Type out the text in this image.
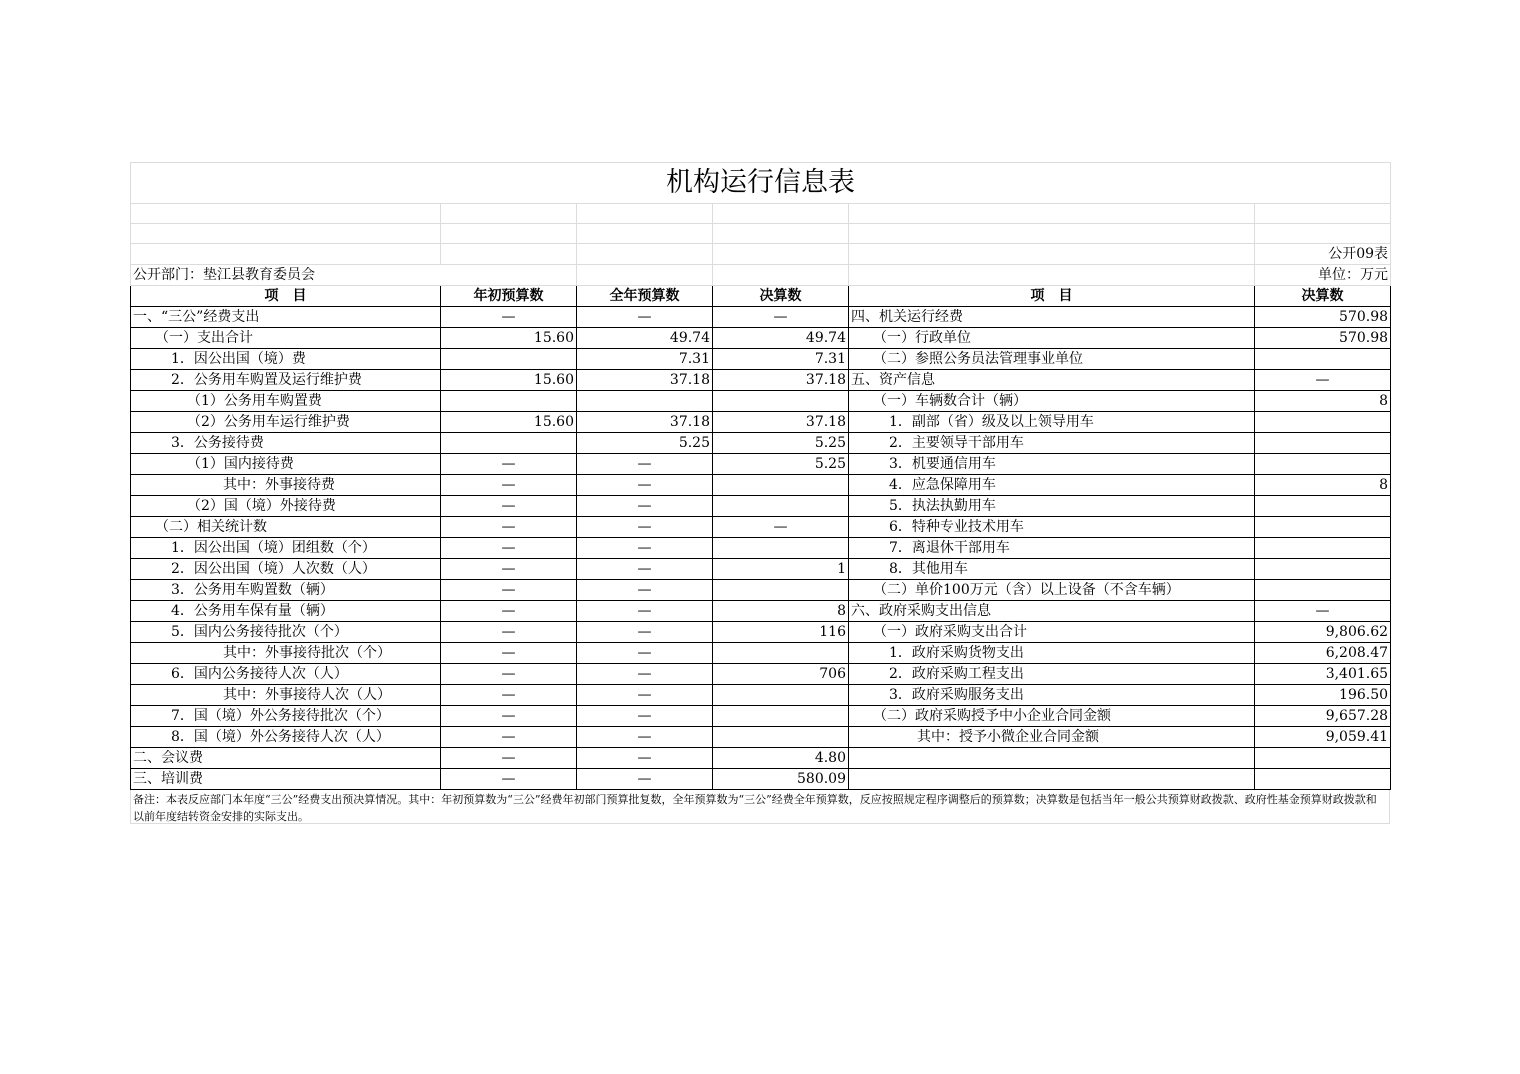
机构运行信息表					

					公开09表
公开部门：垫江县教育委员会					单位：万元
项　目	年初预算数	全年预算数	决算数	项　目	决算数
一、“三公”经费支出	—	—	—	四、机关运行经费	570.98
（一）支出合计	15.60	49.74	49.74	（一）行政单位	570.98
1．因公出国（境）费		7.31	7.31	（二）参照公务员法管理事业单位	
2．公务用车购置及运行维护费	15.60	37.18	37.18	五、资产信息	—
（1）公务用车购置费				（一）车辆数合计（辆）	8
（2）公务用车运行维护费	15.60	37.18	37.18	1．副部（省）级及以上领导用车	
3．公务接待费		5.25	5.25	2．主要领导干部用车	
（1）国内接待费	—	—	5.25	3．机要通信用车	
其中：外事接待费	—	—		4．应急保障用车	8
（2）国（境）外接待费	—	—		5．执法执勤用车	
（二）相关统计数	—	—	—	6．特种专业技术用车	
1．因公出国（境）团组数（个）	—	—		7．离退休干部用车	
2．因公出国（境）人次数（人）	—	—	1	8．其他用车	
3．公务用车购置数（辆）	—	—		（二）单价100万元（含）以上设备（不含车辆）	
4．公务用车保有量（辆）	—	—	8	六、政府采购支出信息	—
5．国内公务接待批次（个）	—	—	116	（一）政府采购支出合计	9,806.62
其中：外事接待批次（个）	—	—		1．政府采购货物支出	6,208.47
6．国内公务接待人次（人）	—	—	706	2．政府采购工程支出	3,401.65
其中：外事接待人次（人）	—	—		3．政府采购服务支出	196.50
7．国（境）外公务接待批次（个）	—	—		（二）政府采购授予中小企业合同金额	9,657.28
8．国（境）外公务接待人次（人）	—	—		其中：授予小微企业合同金额	9,059.41
二、会议费	—	—	4.80		
三、培训费	—	—	580.09		
备注：本表反应部门本年度“三公”经费支出预决算情况。其中：年初预算数为“三公”经费年初部门预算批复数，全年预算数为“三公”经费全年预算数，反应按照规定程序调整后的预算数；决算数是包括当年一般公共预算财政拨款、政府性基金预算财政拨款和以前年度结转资金安排的实际支出。
